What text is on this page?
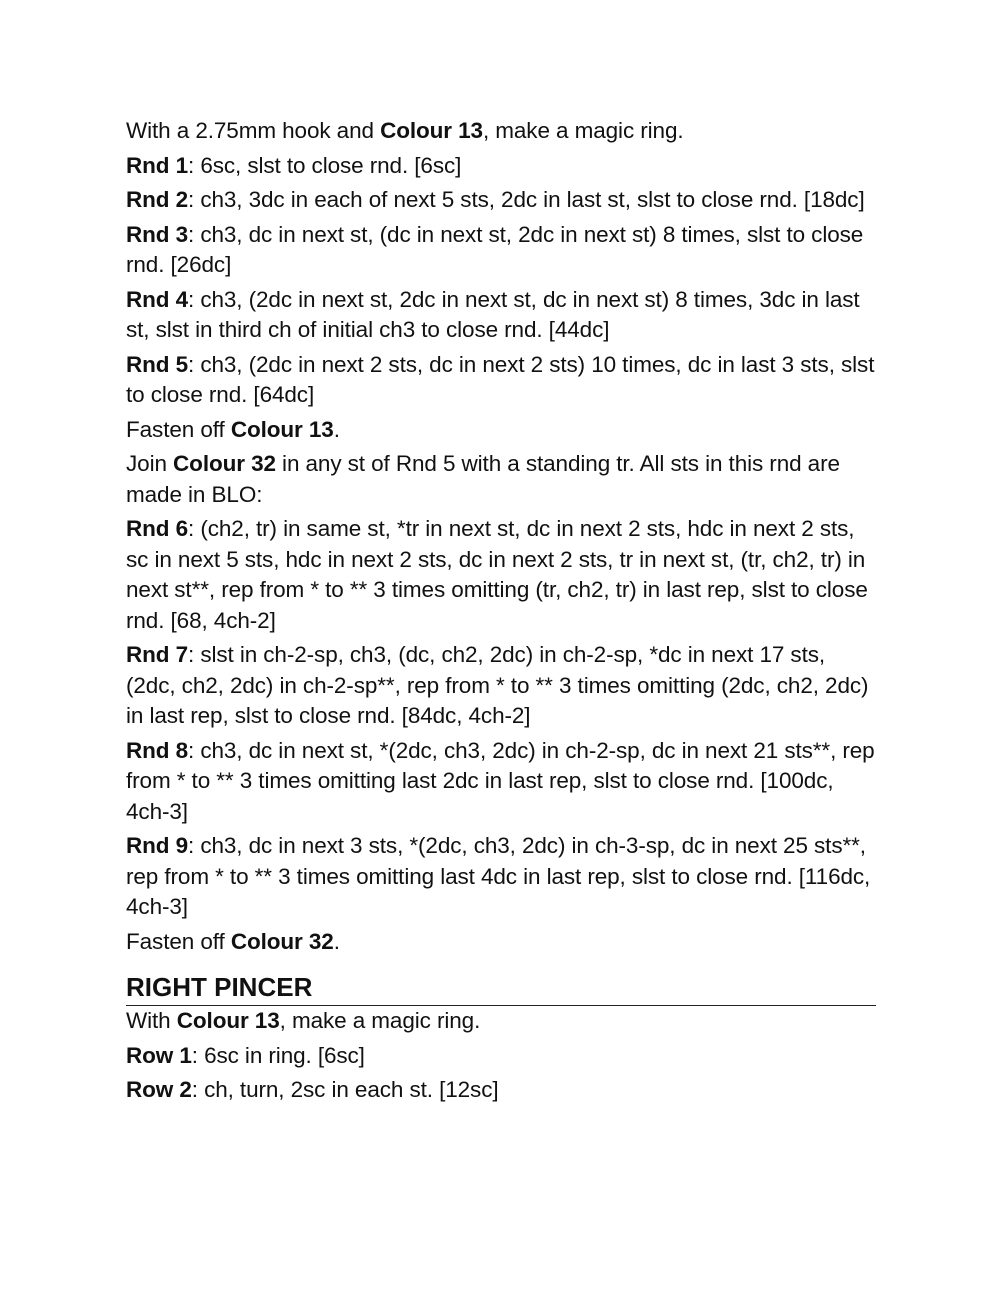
With a 2.75mm hook and Colour 13, make a magic ring.
Rnd 1: 6sc, slst to close rnd. [6sc]
Rnd 2: ch3, 3dc in each of next 5 sts, 2dc in last st, slst to close rnd. [18dc]
Rnd 3: ch3, dc in next st, (dc in next st, 2dc in next st) 8 times, slst to close rnd. [26dc]
Rnd 4: ch3, (2dc in next st, 2dc in next st, dc in next st) 8 times, 3dc in last st, slst in third ch of initial ch3 to close rnd. [44dc]
Rnd 5: ch3, (2dc in next 2 sts, dc in next 2 sts) 10 times, dc in last 3 sts, slst to close rnd. [64dc]
Fasten off Colour 13.
Join Colour 32 in any st of Rnd 5 with a standing tr. All sts in this rnd are made in BLO:
Rnd 6: (ch2, tr) in same st, *tr in next st, dc in next 2 sts, hdc in next 2 sts, sc in next 5 sts, hdc in next 2 sts, dc in next 2 sts, tr in next st, (tr, ch2, tr) in next st**, rep from * to ** 3 times omitting (tr, ch2, tr) in last rep, slst to close rnd. [68, 4ch-2]
Rnd 7: slst in ch-2-sp, ch3, (dc, ch2, 2dc) in ch-2-sp, *dc in next 17 sts, (2dc, ch2, 2dc) in ch-2-sp**, rep from * to ** 3 times omitting (2dc, ch2, 2dc) in last rep, slst to close rnd. [84dc, 4ch-2]
Rnd 8: ch3, dc in next st, *(2dc, ch3, 2dc) in ch-2-sp, dc in next 21 sts**, rep from * to ** 3 times omitting last 2dc in last rep, slst to close rnd. [100dc, 4ch-3]
Rnd 9: ch3, dc in next 3 sts, *(2dc, ch3, 2dc) in ch-3-sp, dc in next 25 sts**, rep from * to ** 3 times omitting last 4dc in last rep, slst to close rnd. [116dc, 4ch-3]
Fasten off Colour 32.
RIGHT PINCER
With Colour 13, make a magic ring.
Row 1: 6sc in ring. [6sc]
Row 2: ch, turn, 2sc in each st. [12sc]
